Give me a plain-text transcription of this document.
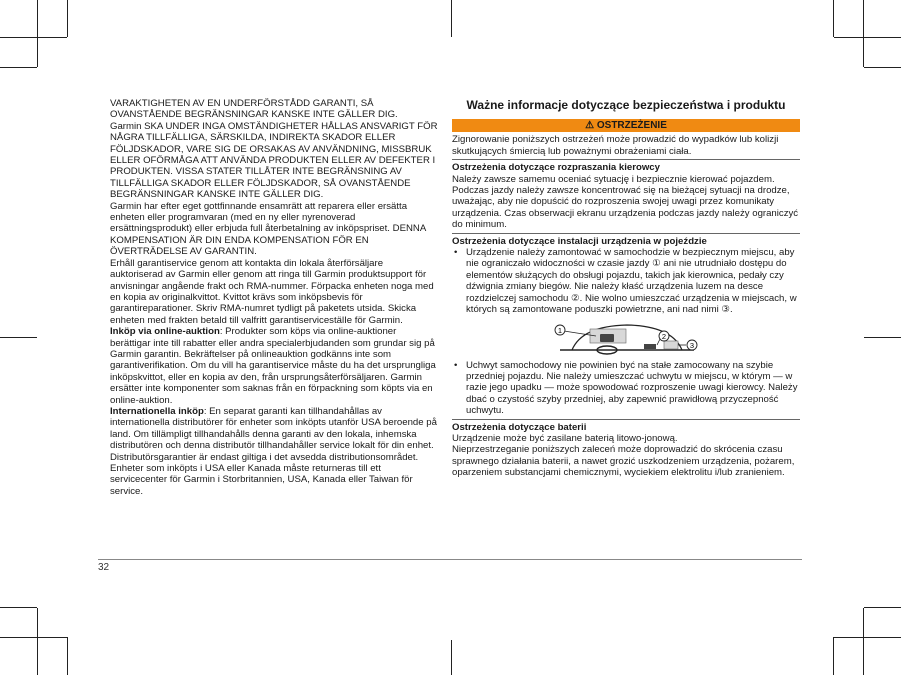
VARAKTIGHETEN AV EN UNDERFÖRSTÅDD GARANTI, SÅ OVANSTÅENDE BEGRÄNSNINGAR KANSKE INTE GÄLLER DIG.

Garmin SKA UNDER INGA OMSTÄNDIGHETER HÅLLAS ANSVARIGT FÖR NÅGRA TILLFÄLLIGA, SÄRSKILDA, INDIREKTA SKADOR ELLER FÖLJDSKADOR, VARE SIG DE ORSAKAS AV ANVÄNDNING, MISSBRUK ELLER OFÖRMÅGA ATT ANVÄNDA PRODUKTEN ELLER AV DEFEKTER I PRODUKTEN. VISSA STATER TILLÅTER INTE BEGRÄNSNING AV TILLFÄLLIGA SKADOR ELLER FÖLJDSKADOR, SÅ OVANSTÅENDE BEGRÄNSNINGAR KANSKE INTE GÄLLER DIG.

Garmin har efter eget gottfinnande ensamrätt att reparera eller ersätta enheten eller programvaran (med en ny eller nyrenoverad ersättningsprodukt) eller erbjuda full återbetalning av inköpspriset. DENNA KOMPENSATION ÄR DIN ENDA KOMPENSATION FÖR EN ÖVERTRÄDELSE AV GARANTIN.

Erhåll garantiservice genom att kontakta din lokala återförsäljare auktoriserad av Garmin eller genom att ringa till Garmin produktsupport för anvisningar angående frakt och RMA-nummer. Förpacka enheten noga med en kopia av originalkvittot. Kvittot krävs som inköpsbevis för garantireparationer. Skriv RMA-numret tydligt på paketets utsida. Skicka enheten med frakten betald till valfritt garantiservicestälIe för Garmin.

Inköp via online-auktion: Produkter som köps via online-auktioner berättigar inte till rabatter eller andra specialerbjudanden som grundar sig på Garmin garantin. Bekräftelser på onlineauktion godkänns inte som garantiverifikation. Om du vill ha garantiservice måste du ha det ursprungliga inköpskvittot, eller en kopia av den, från ursprungsåterförsäljaren. Garmin ersätter inte komponenter som saknas från en förpackning som köpts via en online-auktion.

Internationella inköp: En separat garanti kan tillhandahållas av internationella distributörer för enheter som inköpts utanför USA beroende på land. Om tillämpligt tillhandahålls denna garanti av den lokala, inhemska distributören och denna distributör tillhandahåller service lokalt för din enhet. Distributörsgarantier är endast giltiga i det avsedda distributionsområdet. Enheter som inköpts i USA eller Kanada måste returneras till ett servicecenter för Garmin i Storbritannien, USA, Kanada eller Taiwan för service.

Ważne informacje dotyczące bezpieczeństwa i produktu
⚠ OSTRZEŻENIE

Zignorowanie poniższych ostrzeżeń może prowadzić do wypadków lub kolizji skutkujących śmiercią lub poważnymi obrażeniami ciała.

Ostrzeżenia dotyczące rozpraszania kierowcy

Należy zawsze samemu oceniać sytuację i bezpiecznie kierować pojazdem. Podczas jazdy należy zawsze koncentrować się na bieżącej sytuacji na drodze, uważając, aby nie dopuścić do rozproszenia swojej uwagi przez komunikaty urządzenia. Czas obserwacji ekranu urządzenia podczas jazdy należy ograniczyć do minimum.

Ostrzeżenia dotyczące instalacji urządzenia w pojeździe

• Urządzenie należy zamontować w samochodzie w bezpiecznym miejscu, aby nie ograniczało widoczności w czasie jazdy ① ani nie utrudniało dostępu do elementów służących do obsługi pojazdu, takich jak kierownica, pedały czy dźwignia zmiany biegów. Nie należy kłaść urządzenia luzem na desce rozdzielczej samochodu ②. Nie wolno umieszczać urządzenia w miejscach, w których są zamontowane poduszki powietrzne, ani nad nimi ③.
1
2
3
• Uchwyt samochodowy nie powinien być na stałe zamocowany na szybie przedniej pojazdu. Nie należy umieszczać uchwytu w miejscu, w którym — w razie jego upadku — może spowodować rozproszenie uwagi kierowcy. Należy dbać o czystość szyby przedniej, aby zapewnić prawidłową przyczepność uchwytu.

Ostrzeżenia dotyczące baterii

Urządzenie może być zasilane baterią litowo-jonową.

Nieprzestrzeganie poniższych zaleceń może doprowadzić do skrócenia czasu sprawnego działania baterii, a nawet grozić uszkodzeniem urządzenia, pożarem, oparzeniem substancjami chemicznymi, wyciekiem elektrolitu i/lub zranieniem.

32
